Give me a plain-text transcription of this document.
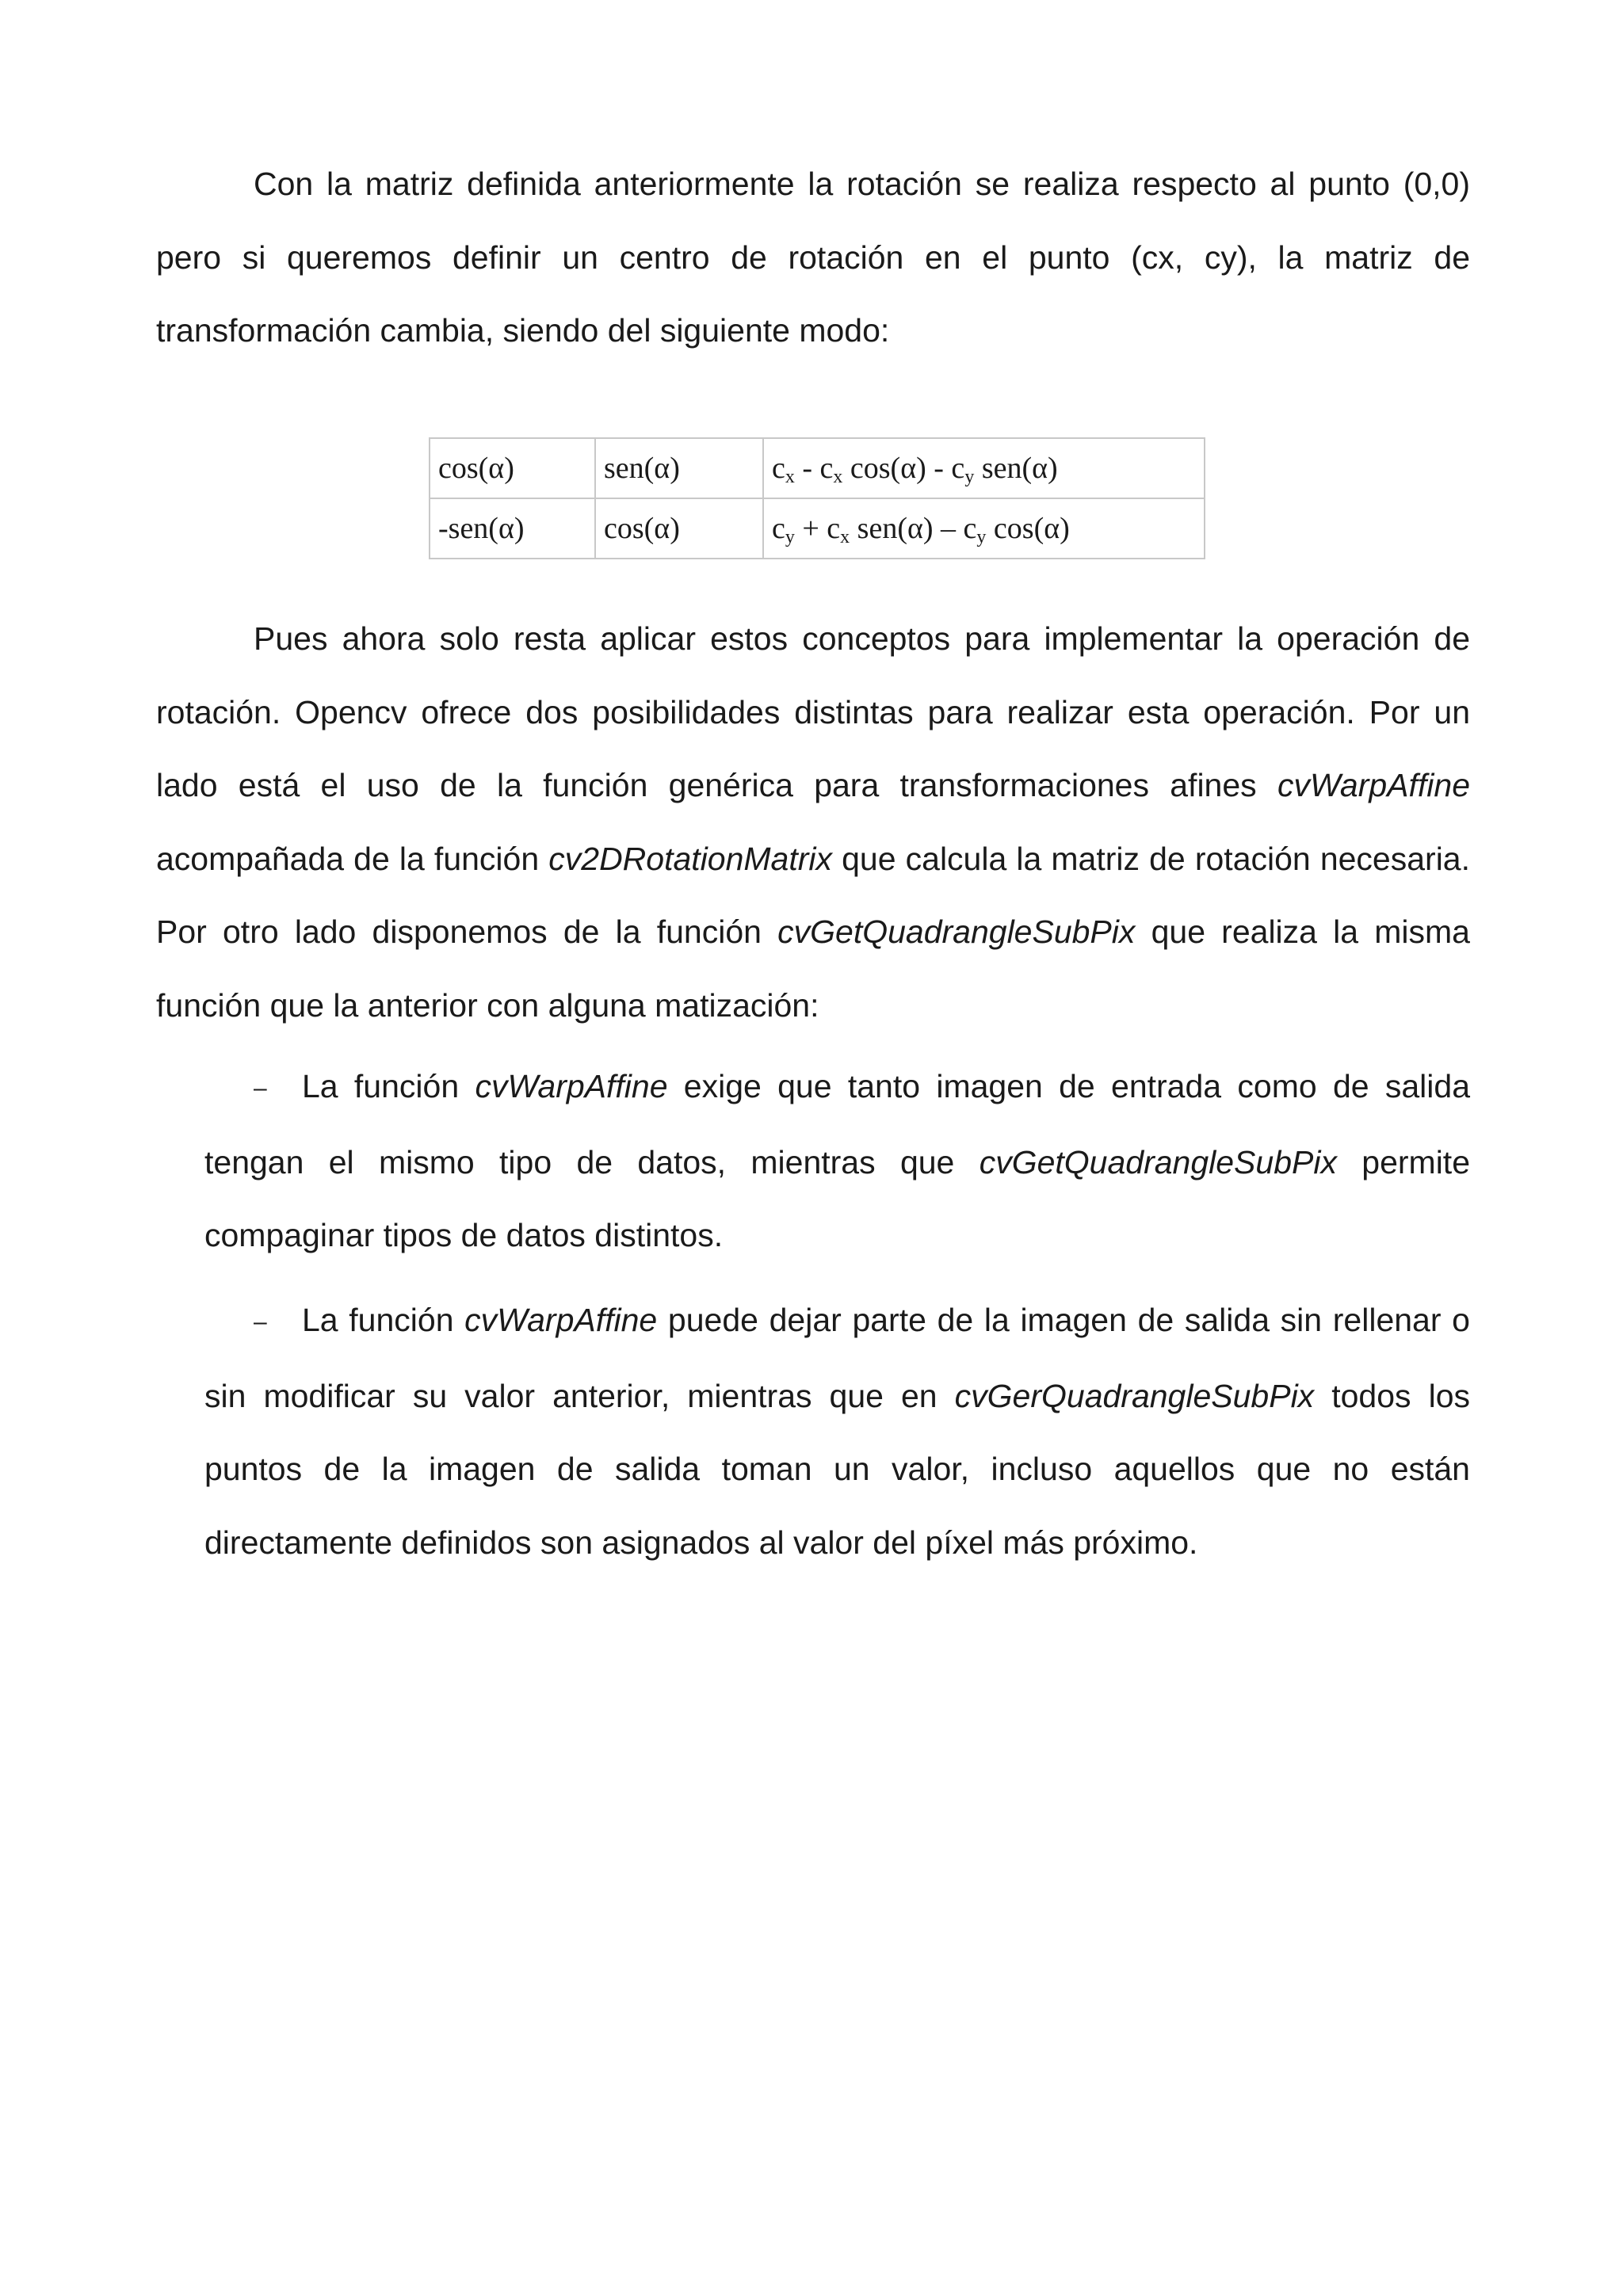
Con la matriz definida anteriormente la rotación se realiza respecto al punto (0,0) pero si queremos definir un centro de rotación en el punto (cx, cy), la matriz de transformación cambia, siendo del siguiente modo:

cos(α)	sen(α)	$c_x - c_x$ $\cos(\alpha) - c_y$ sen(α)
-sen(α)	cos(α)	$c_y + c_x$ $sen(\alpha) - c_y$ cos(α)

Pues ahora solo resta aplicar estos conceptos para implementar la operación de rotación. Opencv ofrece dos posibilidades distintas para realizar esta operación. Por un lado está el uso de la función genérica para transformaciones afines cvWarpAffine acompañada de la función cv2DRotationMatrix que calcula la matriz de rotación necesaria. Por otro lado disponemos de la función cvGetQuadrangleSubPix que realiza la misma función que la anterior con alguna matización:

– La función cvWarpAffine exige que tanto imagen de entrada como de salida tengan el mismo tipo de datos, mientras que cvGetQuadrangleSubPix permite compaginar tipos de datos distintos.

– La función cvWarpAffine puede dejar parte de la imagen de salida sin rellenar o sin modificar su valor anterior, mientras que en cvGerQuadrangleSubPix todos los puntos de la imagen de salida toman un valor, incluso aquellos que no están directamente definidos son asignados al valor del píxel más próximo.
